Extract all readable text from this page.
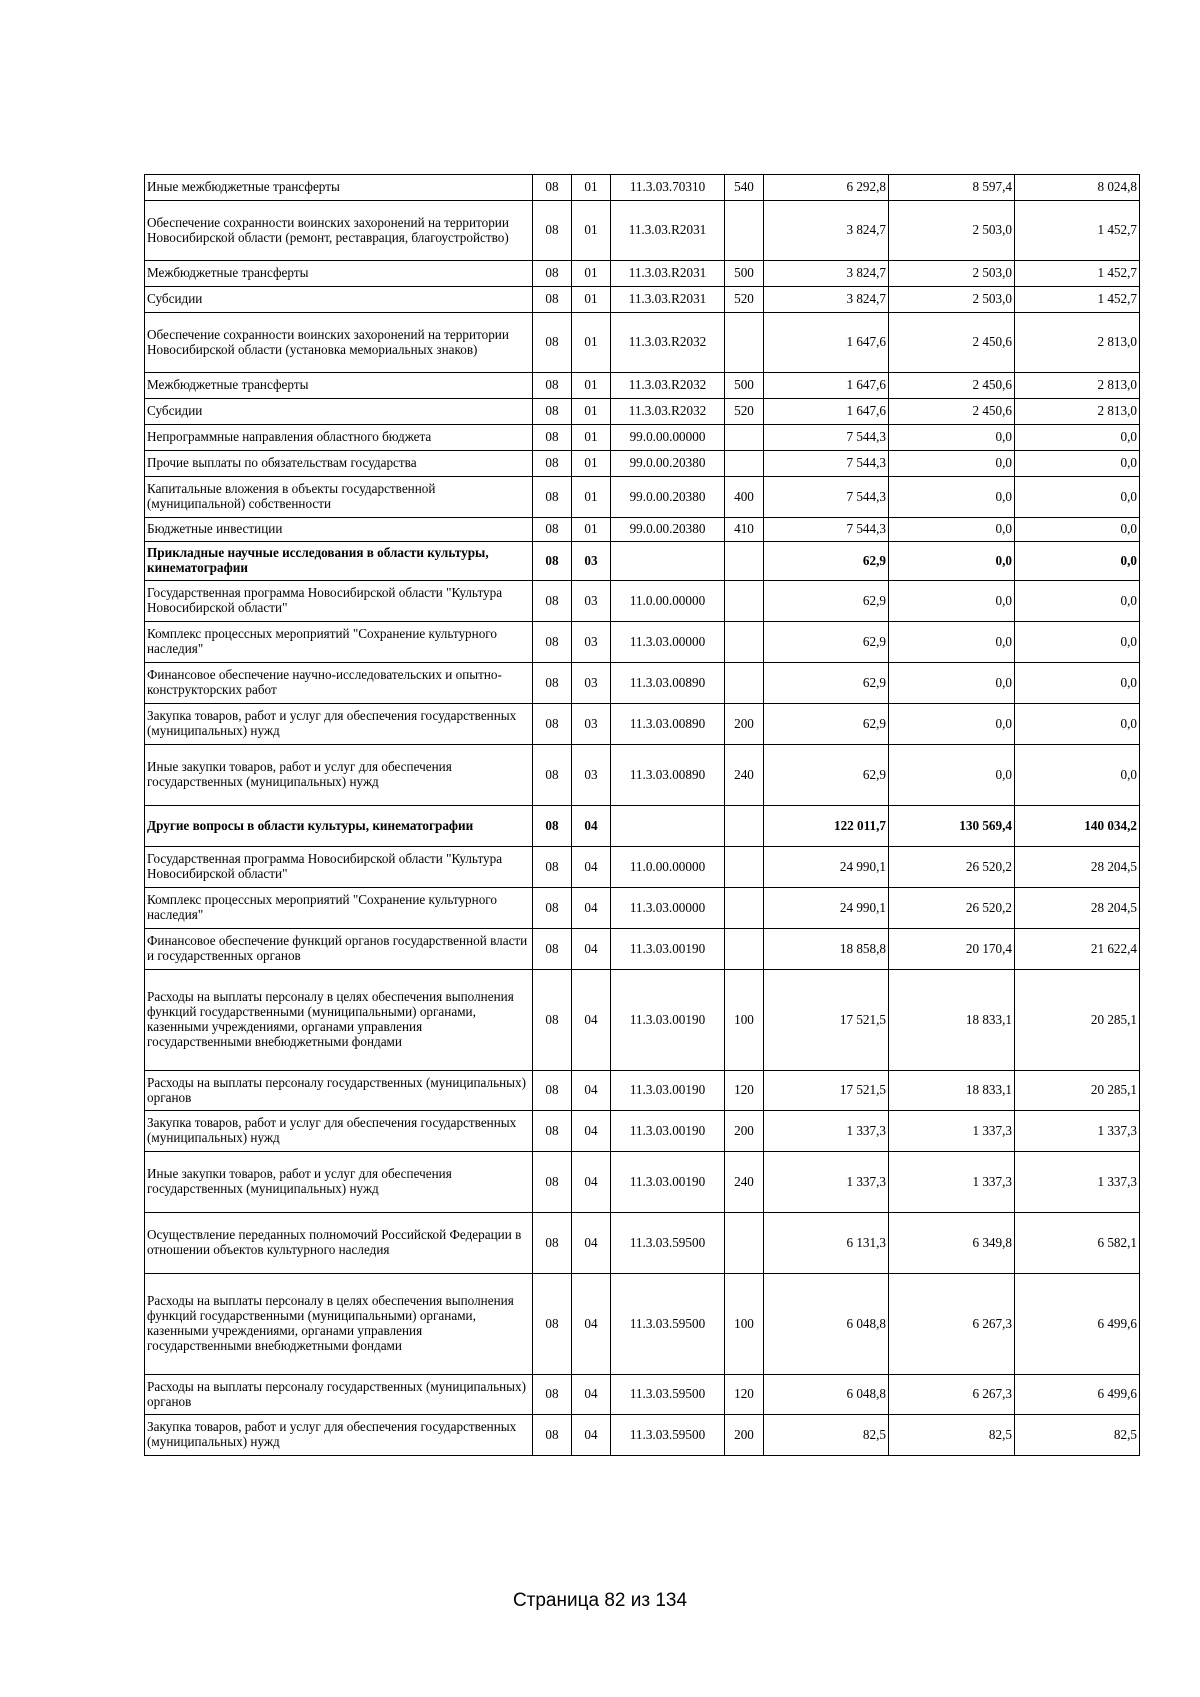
Иные межбюджетные трансферты	08	01	11.3.03.70310	540	6 292,8	8 597,4	8 024,8
Обеспечение сохранности воинских захоронений на территории Новосибирской области (ремонт, реставрация, благоустройство)	08	01	11.3.03.R2031		3 824,7	2 503,0	1 452,7
Межбюджетные трансферты	08	01	11.3.03.R2031	500	3 824,7	2 503,0	1 452,7
Субсидии	08	01	11.3.03.R2031	520	3 824,7	2 503,0	1 452,7
Обеспечение сохранности воинских захоронений на территории Новосибирской области (установка мемориальных знаков)	08	01	11.3.03.R2032		1 647,6	2 450,6	2 813,0
Межбюджетные трансферты	08	01	11.3.03.R2032	500	1 647,6	2 450,6	2 813,0
Субсидии	08	01	11.3.03.R2032	520	1 647,6	2 450,6	2 813,0
Непрограммные направления областного бюджета	08	01	99.0.00.00000		7 544,3	0,0	0,0
Прочие выплаты по обязательствам государства	08	01	99.0.00.20380		7 544,3	0,0	0,0
Капитальные вложения в объекты государственной (муниципальной) собственности	08	01	99.0.00.20380	400	7 544,3	0,0	0,0
Бюджетные инвестиции	08	01	99.0.00.20380	410	7 544,3	0,0	0,0
Прикладные научные исследования в области культуры, кинематографии	08	03			62,9	0,0	0,0
Государственная программа Новосибирской области "Культура Новосибирской области"	08	03	11.0.00.00000		62,9	0,0	0,0
Комплекс процессных мероприятий "Сохранение культурного наследия"	08	03	11.3.03.00000		62,9	0,0	0,0
Финансовое обеспечение научно-исследовательских и опытно-конструкторских работ	08	03	11.3.03.00890		62,9	0,0	0,0
Закупка товаров, работ и услуг для обеспечения государственных (муниципальных) нужд	08	03	11.3.03.00890	200	62,9	0,0	0,0
Иные закупки товаров, работ и услуг для обеспечения государственных (муниципальных) нужд	08	03	11.3.03.00890	240	62,9	0,0	0,0
Другие вопросы в области культуры, кинематографии	08	04			122 011,7	130 569,4	140 034,2
Государственная программа Новосибирской области "Культура Новосибирской области"	08	04	11.0.00.00000		24 990,1	26 520,2	28 204,5
Комплекс процессных мероприятий "Сохранение культурного наследия"	08	04	11.3.03.00000		24 990,1	26 520,2	28 204,5
Финансовое обеспечение функций органов государственной власти и государственных органов	08	04	11.3.03.00190		18 858,8	20 170,4	21 622,4
Расходы на выплаты персоналу в целях обеспечения выполнения функций государственными (муниципальными) органами, казенными учреждениями, органами управления государственными внебюджетными фондами	08	04	11.3.03.00190	100	17 521,5	18 833,1	20 285,1
Расходы на выплаты персоналу государственных (муниципальных) органов	08	04	11.3.03.00190	120	17 521,5	18 833,1	20 285,1
Закупка товаров, работ и услуг для обеспечения государственных (муниципальных) нужд	08	04	11.3.03.00190	200	1 337,3	1 337,3	1 337,3
Иные закупки товаров, работ и услуг для обеспечения государственных (муниципальных) нужд	08	04	11.3.03.00190	240	1 337,3	1 337,3	1 337,3
Осуществление переданных полномочий Российской Федерации в отношении объектов культурного наследия	08	04	11.3.03.59500		6 131,3	6 349,8	6 582,1
Расходы на выплаты персоналу в целях обеспечения выполнения функций государственными (муниципальными) органами, казенными учреждениями, органами управления государственными внебюджетными фондами	08	04	11.3.03.59500	100	6 048,8	6 267,3	6 499,6
Расходы на выплаты персоналу государственных (муниципальных) органов	08	04	11.3.03.59500	120	6 048,8	6 267,3	6 499,6
Закупка товаров, работ и услуг для обеспечения государственных (муниципальных) нужд	08	04	11.3.03.59500	200	82,5	82,5	82,5
Страница 82 из 134
